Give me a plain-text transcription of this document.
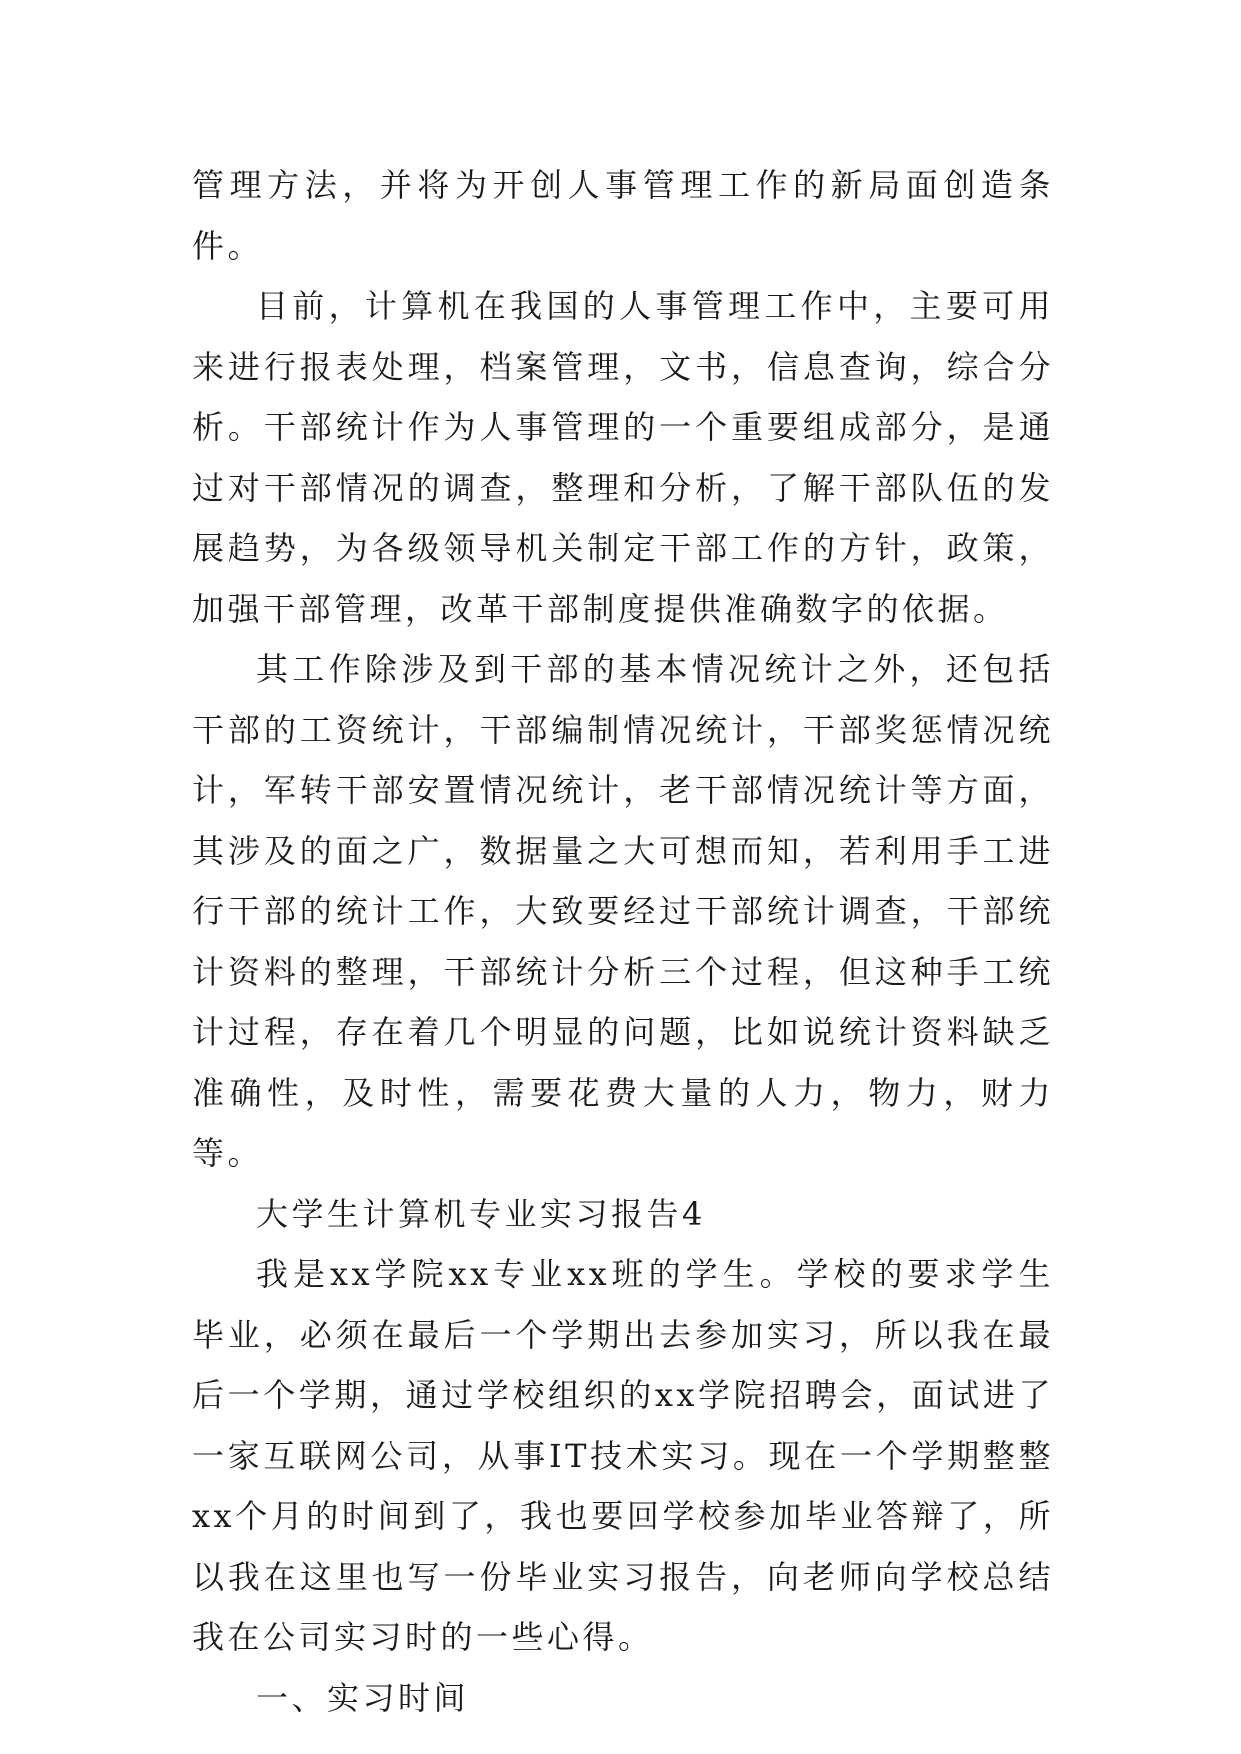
管理方法，并将为开创人事管理工作的新局面创造条件。

目前，计算机在我国的人事管理工作中，主要可用来进行报表处理，档案管理，文书，信息查询，综合分析。干部统计作为人事管理的一个重要组成部分，是通过对干部情况的调查，整理和分析，了解干部队伍的发展趋势，为各级领导机关制定干部工作的方针，政策，加强干部管理，改革干部制度提供准确数字的依据。

其工作除涉及到干部的基本情况统计之外，还包括干部的工资统计，干部编制情况统计，干部奖惩情况统计，军转干部安置情况统计，老干部情况统计等方面，其涉及的面之广，数据量之大可想而知，若利用手工进行干部的统计工作，大致要经过干部统计调查，干部统计资料的整理，干部统计分析三个过程，但这种手工统计过程，存在着几个明显的问题，比如说统计资料缺乏准确性，及时性，需要花费大量的人力，物力，财力等。

大学生计算机专业实习报告4

我是xx学院xx专业xx班的学生。学校的要求学生毕业，必须在最后一个学期出去参加实习，所以我在最后一个学期，通过学校组织的xx学院招聘会，面试进了一家互联网公司，从事IT技术实习。现在一个学期整整xx个月的时间到了，我也要回学校参加毕业答辩了，所以我在这里也写一份毕业实习报告，向老师向学校总结我在公司实习时的一些心得。

一、实习时间
